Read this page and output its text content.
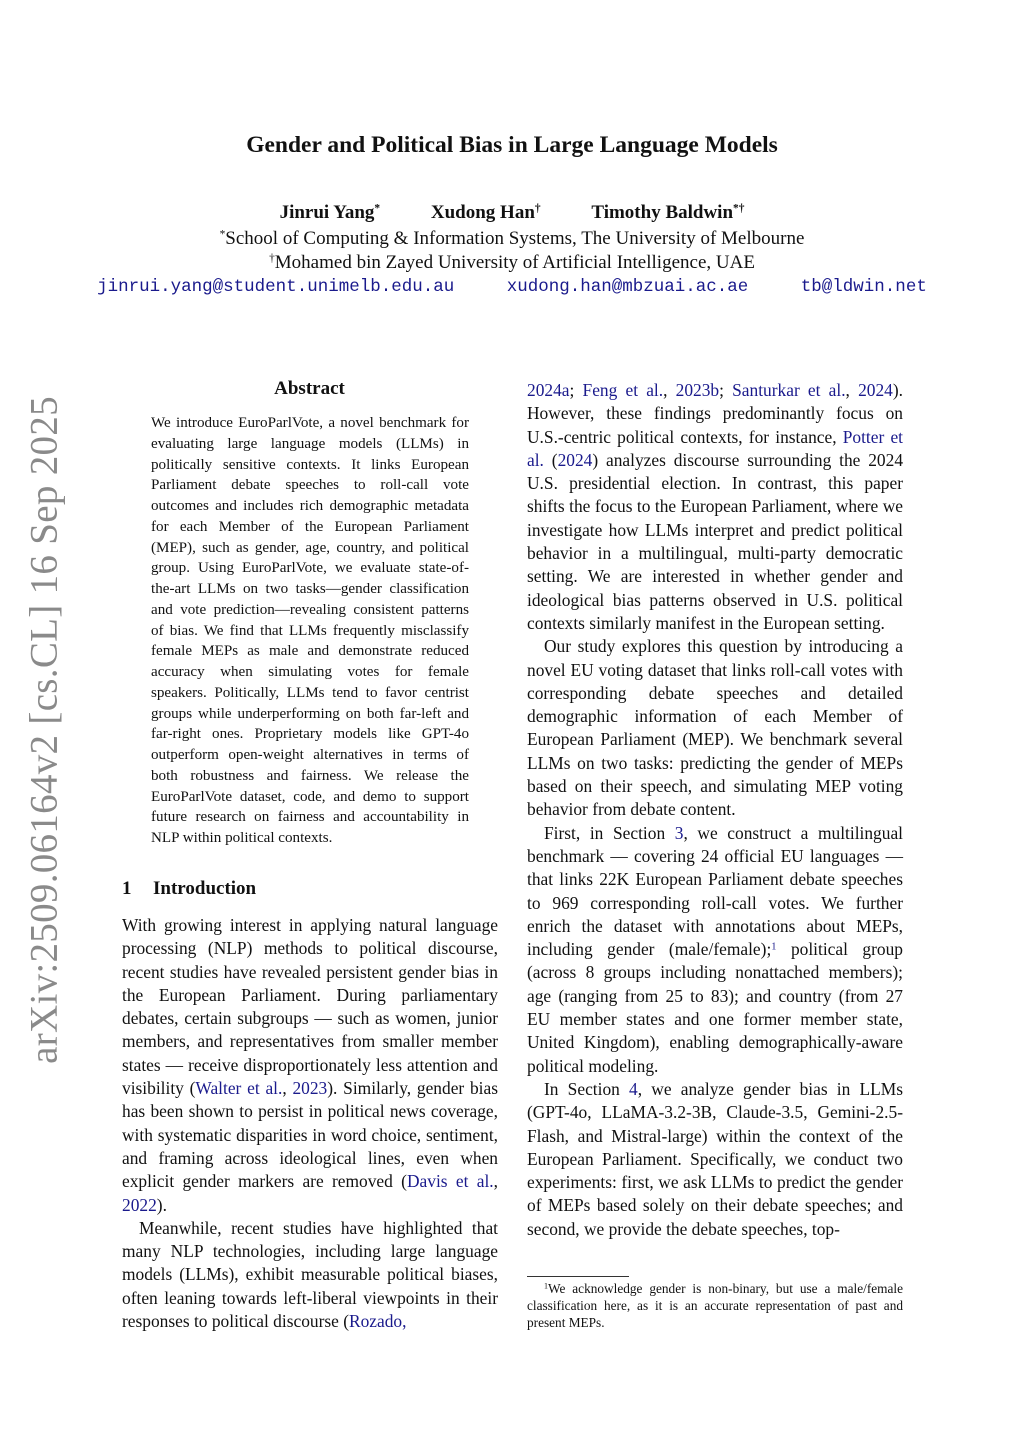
arXiv:2509.06164v2 [cs.CL] 16 Sep 2025
Gender and Political Bias in Large Language Models
Jinrui Yang*	Xudong Han†	Timothy Baldwin*†
*School of Computing & Information Systems, The University of Melbourne
†Mohamed bin Zayed University of Artificial Intelligence, UAE
jinrui.yang@student.unimelb.edu.au	xudong.han@mbzuai.ac.ae	tb@ldwin.net
Abstract
We introduce EuroParlVote, a novel benchmark for evaluating large language models (LLMs) in politically sensitive contexts. It links European Parliament debate speeches to roll-call vote outcomes and includes rich demographic metadata for each Member of the European Parliament (MEP), such as gender, age, country, and political group. Using EuroParlVote, we evaluate state-of-the-art LLMs on two tasks—gender classification and vote prediction—revealing consistent patterns of bias. We find that LLMs frequently misclassify female MEPs as male and demonstrate reduced accuracy when simulating votes for female speakers. Politically, LLMs tend to favor centrist groups while underperforming on both far-left and far-right ones. Proprietary models like GPT-4o outperform open-weight alternatives in terms of both robustness and fairness. We release the EuroParlVote dataset, code, and demo to support future research on fairness and accountability in NLP within political contexts.
1 Introduction

With growing interest in applying natural language processing (NLP) methods to political discourse, recent studies have revealed persistent gender bias in the European Parliament. During parliamentary debates, certain subgroups — such as women, junior members, and representatives from smaller member states — receive disproportionately less attention and visibility (Walter et al., 2023). Similarly, gender bias has been shown to persist in political news coverage, with systematic disparities in word choice, sentiment, and framing across ideological lines, even when explicit gender markers are removed (Davis et al., 2022).

Meanwhile, recent studies have highlighted that many NLP technologies, including large language models (LLMs), exhibit measurable political biases, often leaning towards left-liberal viewpoints in their responses to political discourse (Rozado,

2024a; Feng et al., 2023b; Santurkar et al., 2024). However, these findings predominantly focus on U.S.-centric political contexts, for instance, Potter et al. (2024) analyzes discourse surrounding the 2024 U.S. presidential election. In contrast, this paper shifts the focus to the European Parliament, where we investigate how LLMs interpret and predict political behavior in a multilingual, multi-party democratic setting. We are interested in whether gender and ideological bias patterns observed in U.S. political contexts similarly manifest in the European setting.

Our study explores this question by introducing a novel EU voting dataset that links roll-call votes with corresponding debate speeches and detailed demographic information of each Member of European Parliament (MEP). We benchmark several LLMs on two tasks: predicting the gender of MEPs based on their speech, and simulating MEP voting behavior from debate content.

First, in Section 3, we construct a multilingual benchmark — covering 24 official EU languages — that links 22K European Parliament debate speeches to 969 corresponding roll-call votes. We further enrich the dataset with annotations about MEPs, including gender (male/female);$^1$ political group (across 8 groups including nonattached members); age (ranging from 25 to 83); and country (from 27 EU member states and one former member state, United Kingdom), enabling demographically-aware political modeling.

In Section 4, we analyze gender bias in LLMs (GPT-4o, LLaMA-3.2-3B, Claude-3.5, Gemini-2.5-Flash, and Mistral-large) within the context of the European Parliament. Specifically, we conduct two experiments: first, we ask LLMs to predict the gender of MEPs based solely on their debate speeches; and second, we provide the debate speeches, top-

$^1$We acknowledge gender is non-binary, but use a male/female classification here, as it is an accurate representation of past and present MEPs.
